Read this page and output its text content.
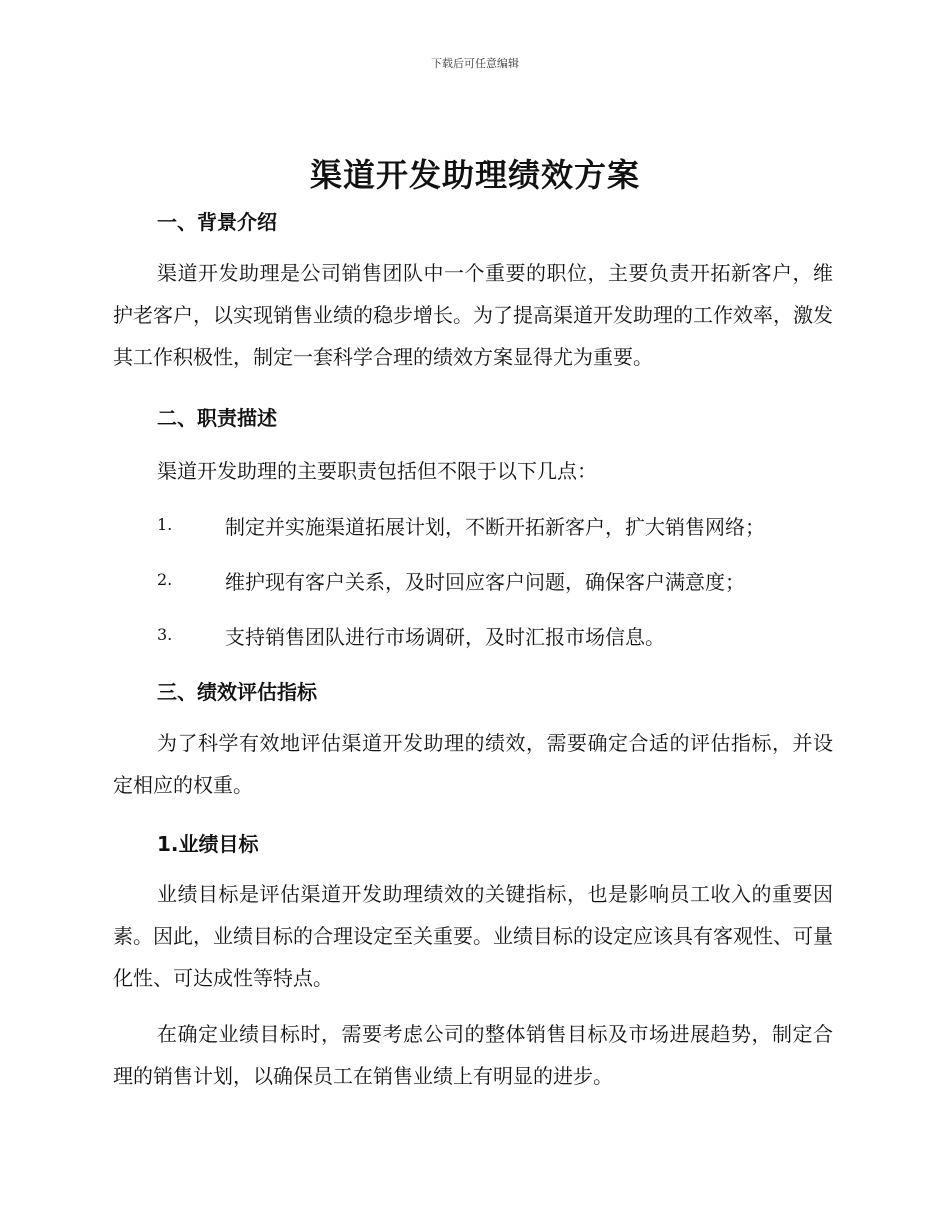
下载后可任意编辑
渠道开发助理绩效方案
一、背景介绍
渠道开发助理是公司销售团队中一个重要的职位，主要负责开拓新客户，维护老客户，以实现销售业绩的稳步增长。为了提高渠道开发助理的工作效率，激发其工作积极性，制定一套科学合理的绩效方案显得尤为重要。
二、职责描述
渠道开发助理的主要职责包括但不限于以下几点：
1.	制定并实施渠道拓展计划，不断开拓新客户，扩大销售网络；
2.	维护现有客户关系，及时回应客户问题，确保客户满意度；
3.	支持销售团队进行市场调研，及时汇报市场信息。
三、绩效评估指标
为了科学有效地评估渠道开发助理的绩效，需要确定合适的评估指标，并设定相应的权重。
1.业绩目标
业绩目标是评估渠道开发助理绩效的关键指标，也是影响员工收入的重要因素。因此，业绩目标的合理设定至关重要。业绩目标的设定应该具有客观性、可量化性、可达成性等特点。
在确定业绩目标时，需要考虑公司的整体销售目标及市场进展趋势，制定合理的销售计划，以确保员工在销售业绩上有明显的进步。
